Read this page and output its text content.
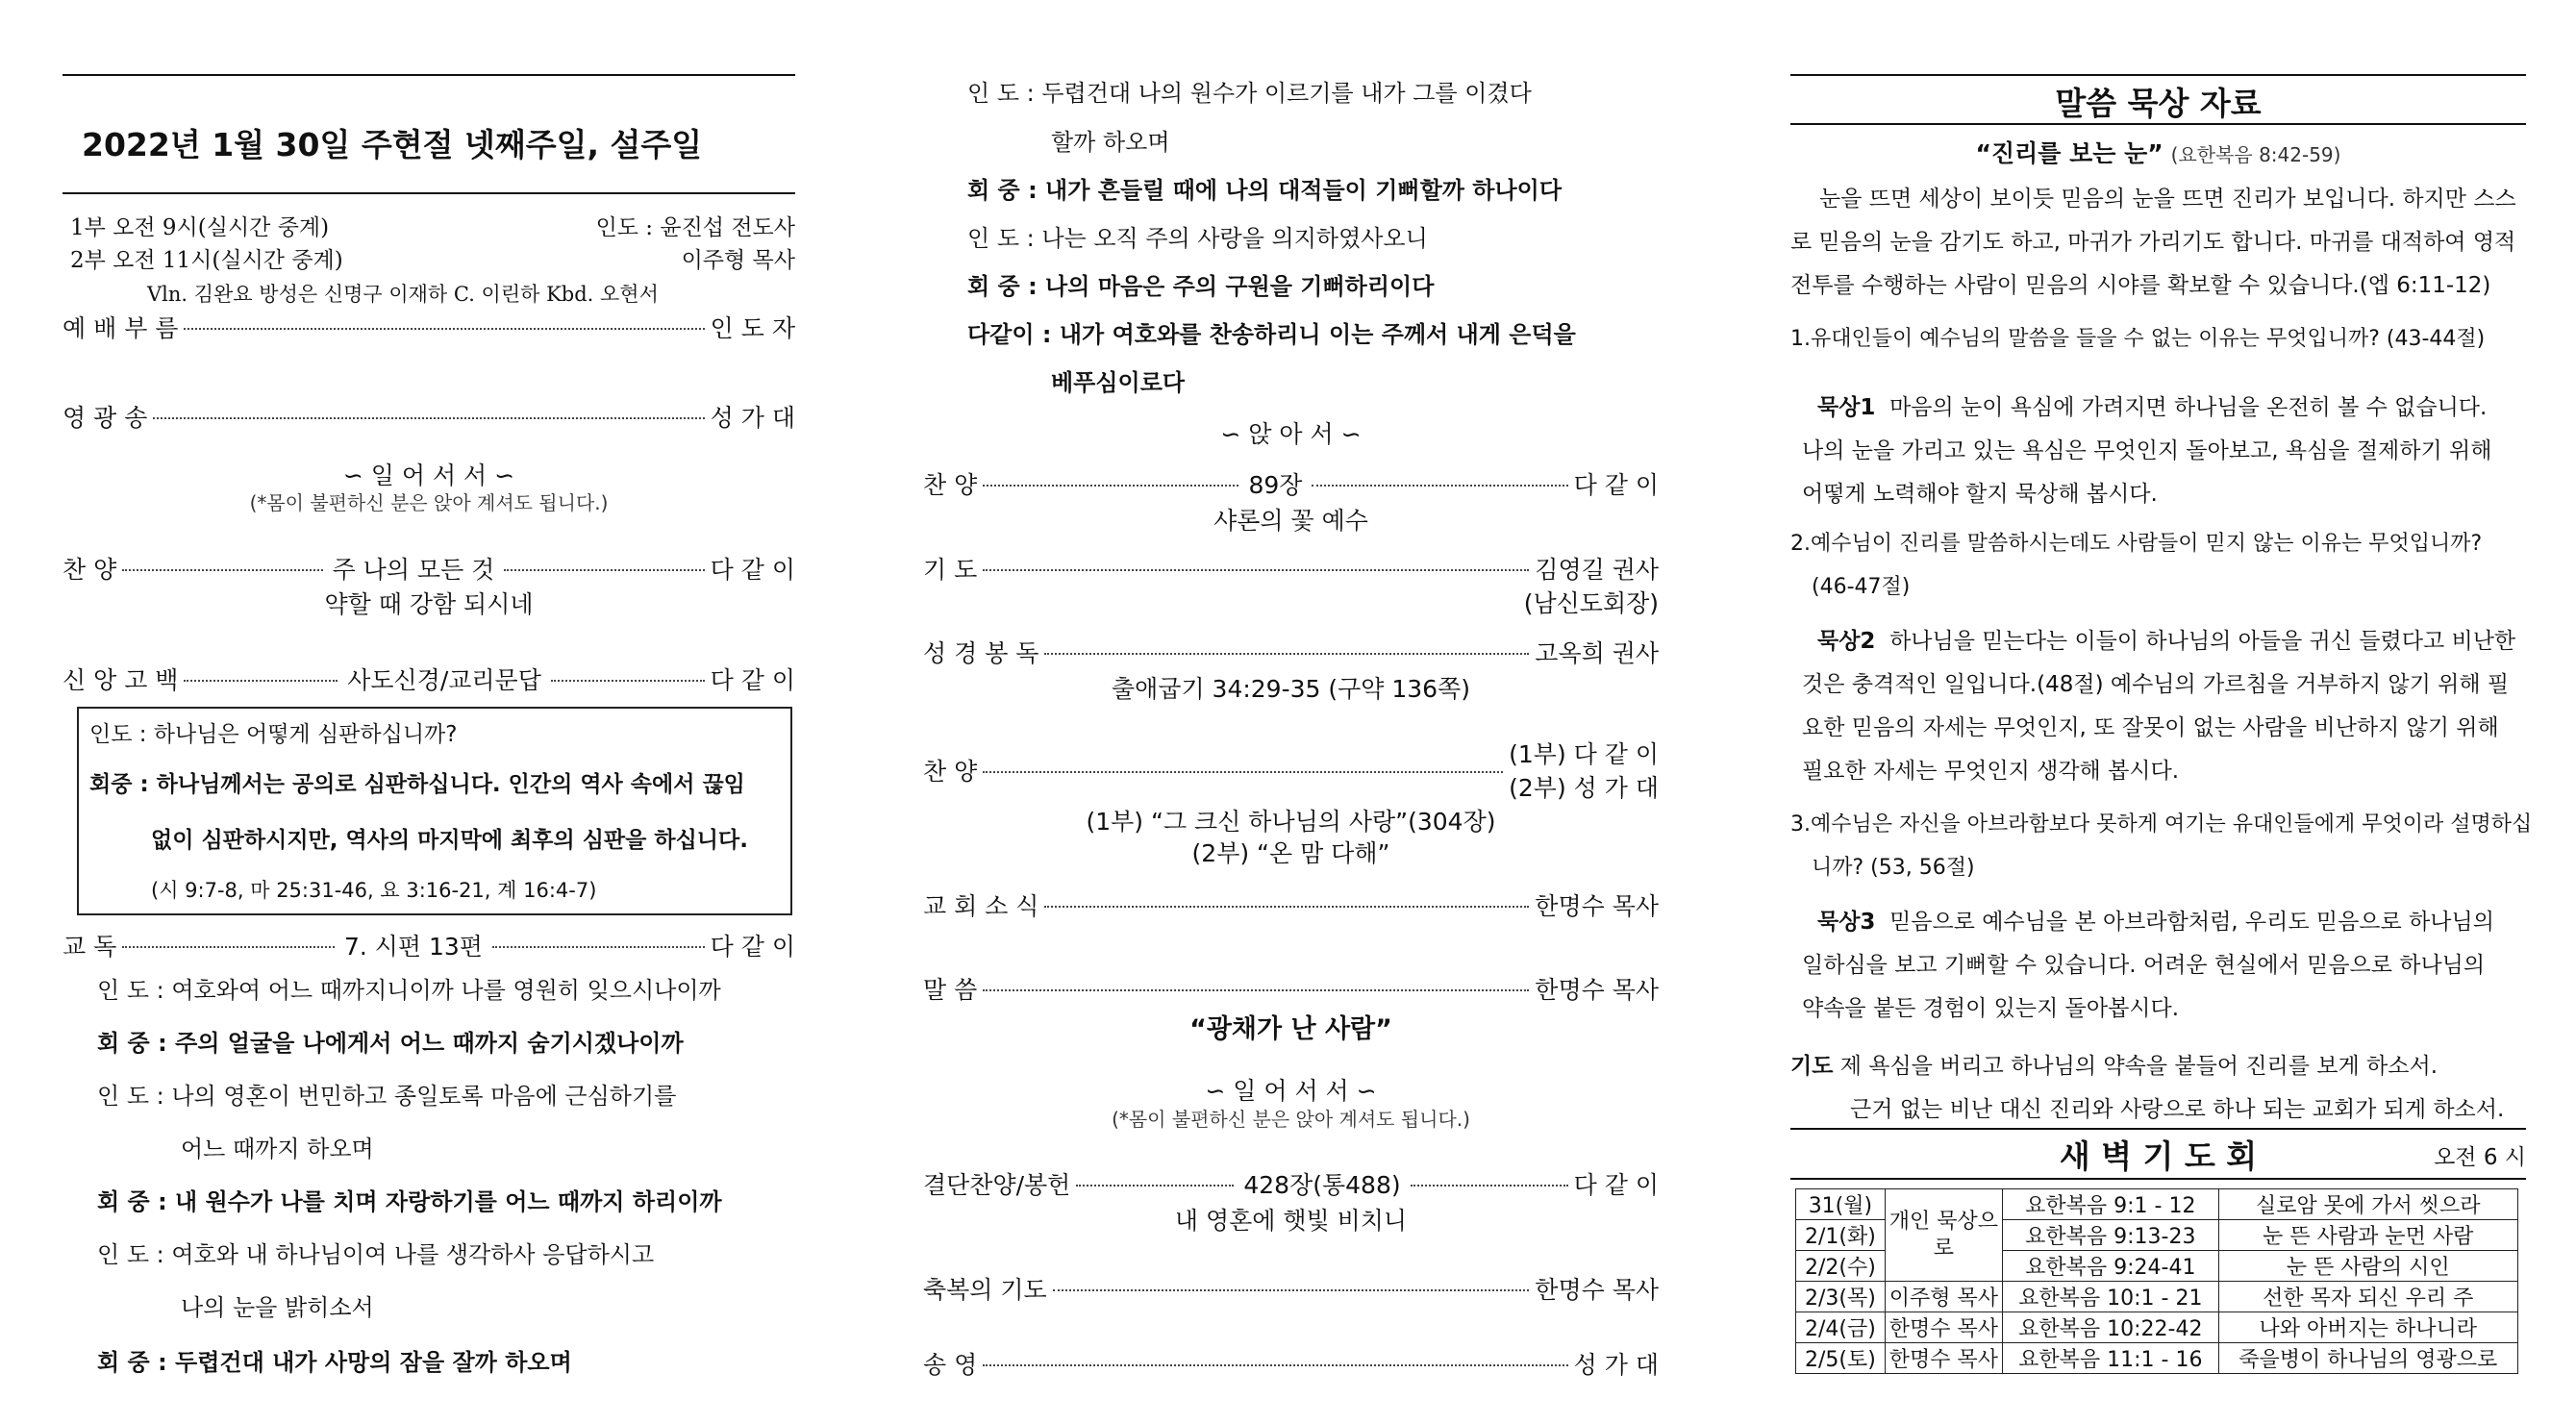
2022년 1월 30일 주현절 넷째주일, 설주일
1부 오전 9시(실시간 중계)	인도 : 윤진섭 전도사
2부 오전 11시(실시간 중계)	이주형 목사
Vln. 김완요 방성은 신명구 이재하 C. 이린하 Kbd. 오현서
예 배 부 름	인 도 자
영 광 송	성 가 대
∽ 일 어 서 서 ∽
(*몸이 불편하신 분은 앉아 계셔도 됩니다.)
찬 양	주 나의 모든 것	다 같 이
약할 때 강함 되시네
신 앙 고 백	사도신경/교리문답	다 같 이
인도 : 하나님은 어떻게 심판하십니까?
회중 : 하나님께서는 공의로 심판하십니다. 인간의 역사 속에서 끊임
없이 심판하시지만, 역사의 마지막에 최후의 심판을 하십니다.
(시 9:7-8, 마 25:31-46, 요 3:16-21, 계 16:4-7)
교 독	7. 시편 13편	다 같 이
인 도 : 여호와여 어느 때까지니이까 나를 영원히 잊으시나이까
회 중 : 주의 얼굴을 나에게서 어느 때까지 숨기시겠나이까
인 도 : 나의 영혼이 번민하고 종일토록 마음에 근심하기를
어느 때까지 하오며
회 중 : 내 원수가 나를 치며 자랑하기를 어느 때까지 하리이까
인 도 : 여호와 내 하나님이여 나를 생각하사 응답하시고
나의 눈을 밝히소서
회 중 : 두렵건대 내가 사망의 잠을 잘까 하오며
인 도 : 두렵건대 나의 원수가 이르기를 내가 그를 이겼다
할까 하오며
회 중 : 내가 흔들릴 때에 나의 대적들이 기뻐할까 하나이다
인 도 : 나는 오직 주의 사랑을 의지하였사오니
회 중 : 나의 마음은 주의 구원을 기뻐하리이다
다같이 : 내가 여호와를 찬송하리니 이는 주께서 내게 은덕을
베푸심이로다
∽ 앉 아 서 ∽
찬 양	89장	다 같 이
샤론의 꽃 예수
기 도	김영길 권사
(남신도회장)
성 경 봉 독	고옥희 권사
출애굽기 34:29-35 (구약 136쪽)
찬 양
(1부) 다 같 이
(2부) 성 가 대
(1부) “그 크신 하나님의 사랑”(304장)
(2부) “온 맘 다해”
교 회 소 식	한명수 목사
말 씀	한명수 목사
“광채가 난 사람”
∽ 일 어 서 서 ∽
(*몸이 불편하신 분은 앉아 계셔도 됩니다.)
결단찬양/봉헌	428장(통488)	다 같 이
내 영혼에 햇빛 비치니
축복의 기도	한명수 목사
송 영	성 가 대
말씀 묵상 자료
“진리를 보는 눈” (요한복음 8:42-59)

눈을 뜨면 세상이 보이듯 믿음의 눈을 뜨면 진리가 보입니다. 하지만 스스

로 믿음의 눈을 감기도 하고, 마귀가 가리기도 합니다. 마귀를 대적하여 영적

전투를 수행하는 사람이 믿음의 시야를 확보할 수 있습니다.(엡 6:11-12)

1.유대인들이 예수님의 말씀을 들을 수 없는 이유는 무엇입니까? (43-44절)
묵상1 마음의 눈이 욕심에 가려지면 하나님을 온전히 볼 수 없습니다.
나의 눈을 가리고 있는 욕심은 무엇인지 돌아보고, 욕심을 절제하기 위해
어떻게 노력해야 할지 묵상해 봅시다.
2.예수님이 진리를 말씀하시는데도 사람들이 믿지 않는 이유는 무엇입니까?
(46-47절)
묵상2 하나님을 믿는다는 이들이 하나님의 아들을 귀신 들렸다고 비난한
것은 충격적인 일입니다.(48절) 예수님의 가르침을 거부하지 않기 위해 필
요한 믿음의 자세는 무엇인지, 또 잘못이 없는 사람을 비난하지 않기 위해
필요한 자세는 무엇인지 생각해 봅시다.
3.예수님은 자신을 아브라함보다 못하게 여기는 유대인들에게 무엇이라 설명하십
니까? (53, 56절)
묵상3 믿음으로 예수님을 본 아브라함처럼, 우리도 믿음으로 하나님의
일하심을 보고 기뻐할 수 있습니다. 어려운 현실에서 믿음으로 하나님의
약속을 붙든 경험이 있는지 돌아봅시다.
기도 제 욕심을 버리고 하나님의 약속을 붙들어 진리를 보게 하소서.
근거 없는 비난 대신 진리와 사랑으로 하나 되는 교회가 되게 하소서.
새 벽 기 도 회	오전 6 시
31(월)	개인 묵상으로	요한복음 9:1 - 12	실로암 못에 가서 씻으라
2/1(화)		요한복음 9:13-23	눈 뜬 사람과 눈먼 사람
2/2(수)		요한복음 9:24-41	눈 뜬 사람의 시인
2/3(목)	이주형 목사	요한복음 10:1 - 21	선한 목자 되신 우리 주
2/4(금)	한명수 목사	요한복음 10:22-42	나와 아버지는 하나니라
2/5(토)	한명수 목사	요한복음 11:1 - 16	죽을병이 하나님의 영광으로
